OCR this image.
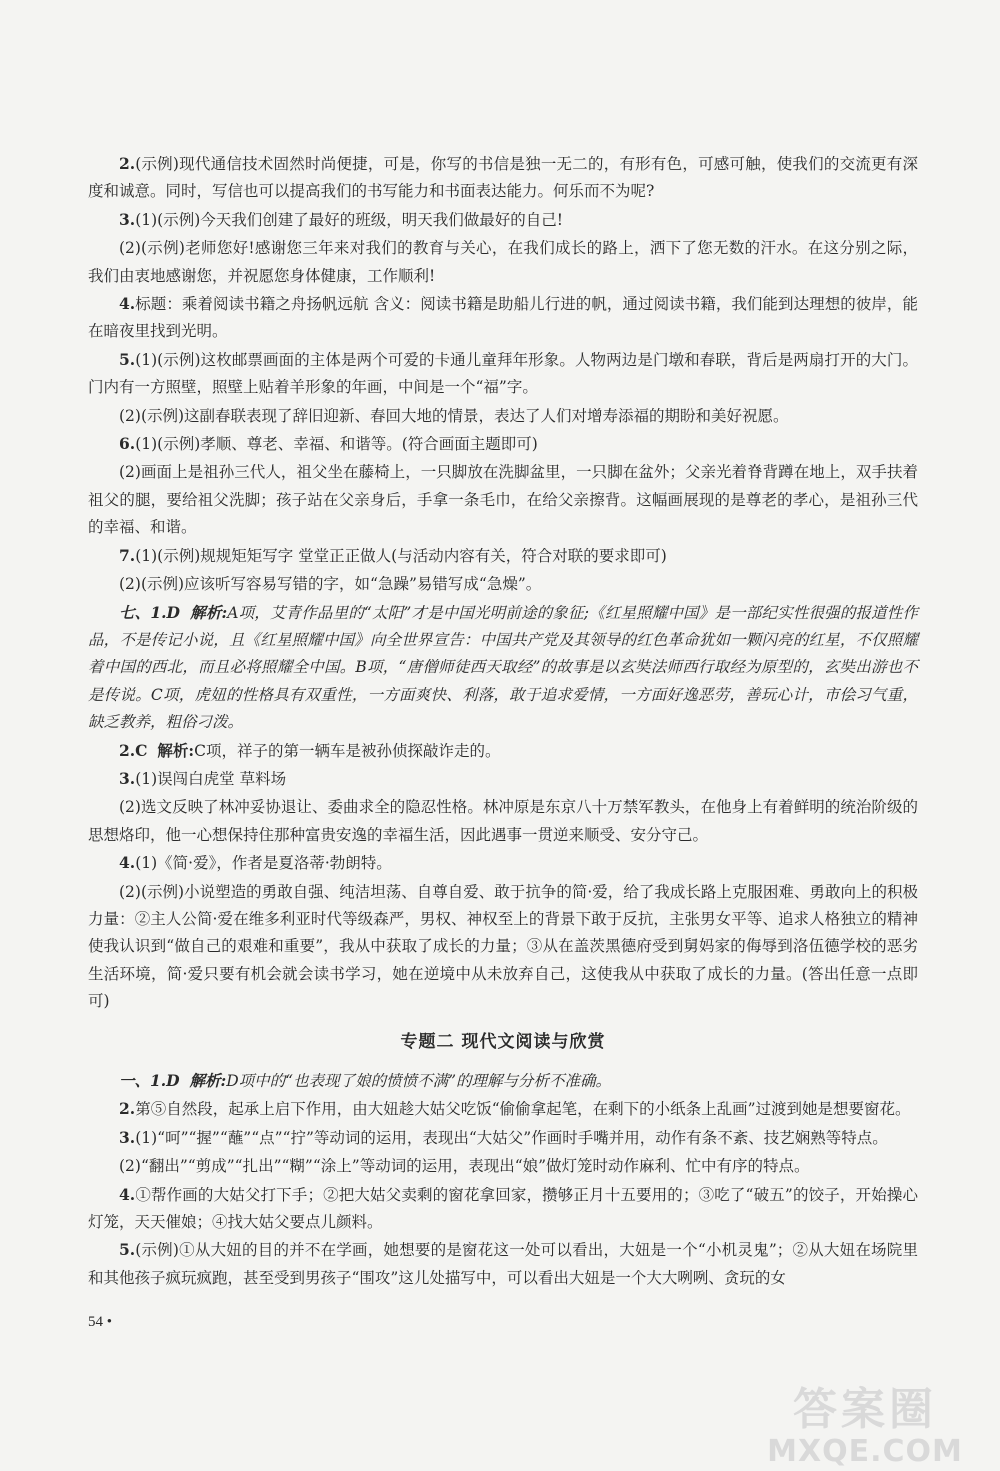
2.(示例)现代通信技术固然时尚便捷，可是，你写的书信是独一无二的，有形有色，可感可触，使我们的交流更有深度和诚意。同时，写信也可以提高我们的书写能力和书面表达能力。何乐而不为呢?

3.(1)(示例)今天我们创建了最好的班级，明天我们做最好的自己!

(2)(示例)老师您好!感谢您三年来对我们的教育与关心，在我们成长的路上，洒下了您无数的汗水。在这分别之际，我们由衷地感谢您，并祝愿您身体健康，工作顺利!

4.标题：乘着阅读书籍之舟扬帆远航 含义：阅读书籍是助船儿行进的帆，通过阅读书籍，我们能到达理想的彼岸，能在暗夜里找到光明。

5.(1)(示例)这枚邮票画面的主体是两个可爱的卡通儿童拜年形象。人物两边是门墩和春联，背后是两扇打开的大门。门内有一方照壁，照壁上贴着羊形象的年画，中间是一个“福”字。

(2)(示例)这副春联表现了辞旧迎新、春回大地的情景，表达了人们对增寿添福的期盼和美好祝愿。

6.(1)(示例)孝顺、尊老、幸福、和谐等。(符合画面主题即可)

(2)画面上是祖孙三代人，祖父坐在藤椅上，一只脚放在洗脚盆里，一只脚在盆外；父亲光着脊背蹲在地上，双手扶着祖父的腿，要给祖父洗脚；孩子站在父亲身后，手拿一条毛巾，在给父亲擦背。这幅画展现的是尊老的孝心，是祖孙三代的幸福、和谐。

7.(1)(示例)规规矩矩写字 堂堂正正做人(与活动内容有关，符合对联的要求即可)

(2)(示例)应该听写容易写错的字，如“急躁”易错写成“急燥”。

七、1.D 解析:A项，艾青作品里的“太阳”才是中国光明前途的象征;《红星照耀中国》是一部纪实性很强的报道性作品，不是传记小说，且《红星照耀中国》向全世界宣告：中国共产党及其领导的红色革命犹如一颗闪亮的红星，不仅照耀着中国的西北，而且必将照耀全中国。B项，“唐僧师徒西天取经”的故事是以玄奘法师西行取经为原型的，玄奘出游也不是传说。C项，虎妞的性格具有双重性，一方面爽快、利落，敢于追求爱情，一方面好逸恶劳，善玩心计，市侩习气重，缺乏教养，粗俗刁泼。

2.C 解析:C项，祥子的第一辆车是被孙侦探敲诈走的。

3.(1)误闯白虎堂 草料场

(2)选文反映了林冲妥协退让、委曲求全的隐忍性格。林冲原是东京八十万禁军教头，在他身上有着鲜明的统治阶级的思想烙印，他一心想保持住那种富贵安逸的幸福生活，因此遇事一贯逆来顺受、安分守己。

4.(1)《简·爱》，作者是夏洛蒂·勃朗特。

(2)(示例)小说塑造的勇敢自强、纯洁坦荡、自尊自爱、敢于抗争的简·爱，给了我成长路上克服困难、勇敢向上的积极力量：②主人公简·爱在维多利亚时代等级森严，男权、神权至上的背景下敢于反抗，主张男女平等、追求人格独立的精神使我认识到“做自己的艰难和重要”，我从中获取了成长的力量；③从在盖茨黑德府受到舅妈家的侮辱到洛伍德学校的恶劣生活环境，简·爱只要有机会就会读书学习，她在逆境中从未放弃自己，这使我从中获取了成长的力量。(答出任意一点即可)

专题二 现代文阅读与欣赏

一、1.D 解析:D项中的“也表现了娘的愤愤不满”的理解与分析不准确。

2.第⑤自然段，起承上启下作用，由大妞趁大姑父吃饭“偷偷拿起笔，在剩下的小纸条上乱画”过渡到她是想要窗花。

3.(1)“呵”“握”“蘸”“点”“拧”等动词的运用，表现出“大姑父”作画时手嘴并用，动作有条不紊、技艺娴熟等特点。

(2)“翻出”“剪成”“扎出”“糊”“涂上”等动词的运用，表现出“娘”做灯笼时动作麻利、忙中有序的特点。

4.①帮作画的大姑父打下手；②把大姑父卖剩的窗花拿回家，攒够正月十五要用的；③吃了“破五”的饺子，开始操心灯笼，天天催娘；④找大姑父要点儿颜料。

5.(示例)①从大妞的目的并不在学画，她想要的是窗花这一处可以看出，大妞是一个“小机灵鬼”；②从大妞在场院里和其他孩子疯玩疯跑，甚至受到男孩子“围攻”这儿处描写中，可以看出大妞是一个大大咧咧、贪玩的女

54 •
答案圈
MXQE.COM
